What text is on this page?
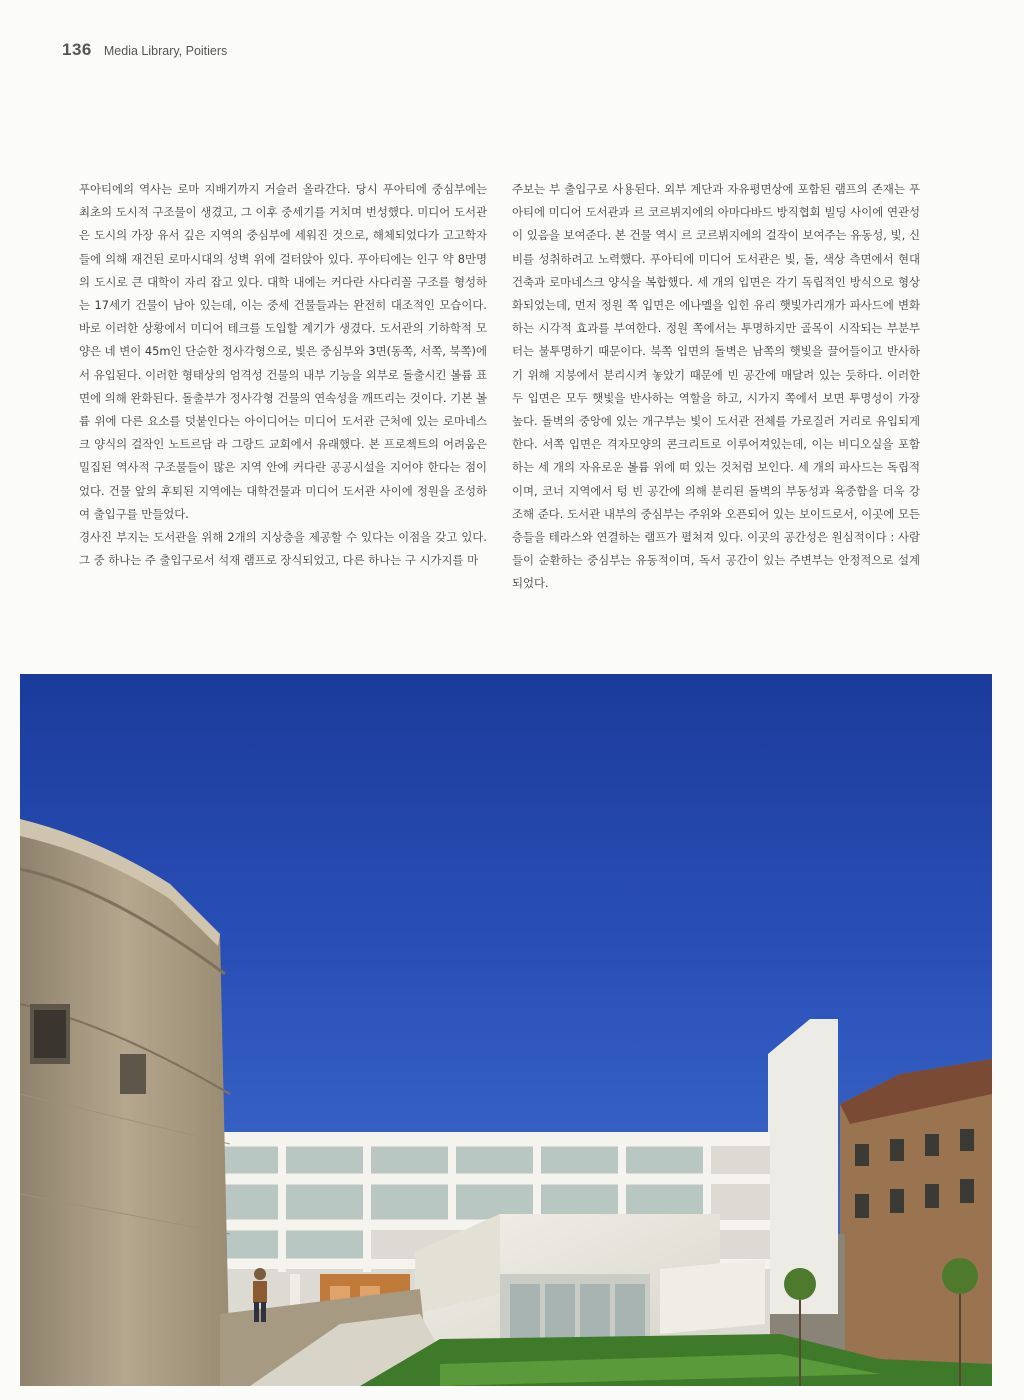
136 Media Library, Poitiers

푸아티에의 역사는 로마 지배기까지 거슬러 올라간다. 당시 푸아티에 중심부에는 최초의 도시적 구조물이 생겼고, 그 이후 중세기를 거치며 번성했다. 미디어 도서관은 도시의 가장 유서 깊은 지역의 중심부에 세워진 것으로, 해체되었다가 고고학자들에 의해 재건된 로마시대의 성벽 위에 걸터앉아 있다. 푸아티에는 인구 약 8만명의 도시로 큰 대학이 자리 잡고 있다. 대학 내에는 커다란 사다리꼴 구조를 형성하는 17세기 건물이 남아 있는데, 이는 중세 건물들과는 완전히 대조적인 모습이다. 바로 이러한 상황에서 미디어 테크를 도입할 계기가 생겼다. 도서관의 기하학적 모양은 네 변이 45m인 단순한 정사각형으로, 빛은 중심부와 3면(동쪽, 서쪽, 북쪽)에서 유입된다. 이러한 형태상의 엄격성 건물의 내부 기능을 외부로 돌출시킨 볼륨 표면에 의해 완화된다. 돌출부가 정사각형 건물의 연속성을 깨뜨리는 것이다. 기본 볼륨 위에 다른 요소를 덧붙인다는 아이디어는 미디어 도서관 근처에 있는 로마네스크 양식의 걸작인 노트르담 라 그랑드 교회에서 유래했다. 본 프로젝트의 어려움은 밀집된 역사적 구조물들이 많은 지역 안에 커다란 공공시설을 지어야 한다는 점이었다. 건물 앞의 후퇴된 지역에는 대학건물과 미디어 도서관 사이에 정원을 조성하여 출입구를 만들었다.

경사진 부지는 도서관을 위해 2개의 지상층을 제공할 수 있다는 이점을 갖고 있다. 그 중 하나는 주 출입구로서 석재 램프로 장식되었고, 다른 하나는 구 시가지를 마

주보는 부 출입구로 사용된다. 외부 계단과 자유평면상에 포함된 램프의 존재는 푸아티에 미디어 도서관과 르 코르뷔지에의 아마다바드 방직협회 빌딩 사이에 연관성이 있음을 보여준다. 본 건물 역시 르 코르뷔지에의 걸작이 보여주는 유동성, 빛, 신비를 성취하려고 노력했다. 푸아티에 미디어 도서관은 빛, 돌, 색상 측면에서 현대건축과 로마네스크 양식을 복합했다. 세 개의 입면은 각기 독립적인 방식으로 형상화되었는데, 먼저 정원 쪽 입면은 에나멜을 입힌 유리 햇빛가리개가 파사드에 변화하는 시각적 효과를 부여한다. 정원 쪽에서는 투명하지만 골목이 시작되는 부분부터는 불투명하기 때문이다. 북쪽 입면의 돌벽은 남쪽의 햇빛을 끌어들이고 반사하기 위해 지붕에서 분리시켜 놓았기 때문에 빈 공간에 매달려 있는 듯하다. 이러한 두 입면은 모두 햇빛을 반사하는 역할을 하고, 시가지 쪽에서 보면 투명성이 가장 높다. 돌벽의 중앙에 있는 개구부는 빛이 도서관 전체를 가로질러 거리로 유입되게 한다. 서쪽 입면은 격자모양의 콘크리트로 이루어져있는데, 이는 비디오실을 포함하는 세 개의 자유로운 볼륨 위에 떠 있는 것처럼 보인다. 세 개의 파사드는 독립적이며, 코너 지역에서 텅 빈 공간에 의해 분리된 돌벽의 부동성과 육중함을 더욱 강조해 준다. 도서관 내부의 중심부는 주위와 오픈되어 있는 보이드로서, 이곳에 모든 층들을 테라스와 연결하는 램프가 펼쳐져 있다. 이곳의 공간성은 원심적이다 : 사람들이 순환하는 중심부는 유동적이며, 독서 공간이 있는 주변부는 안정적으로 설계되었다.
